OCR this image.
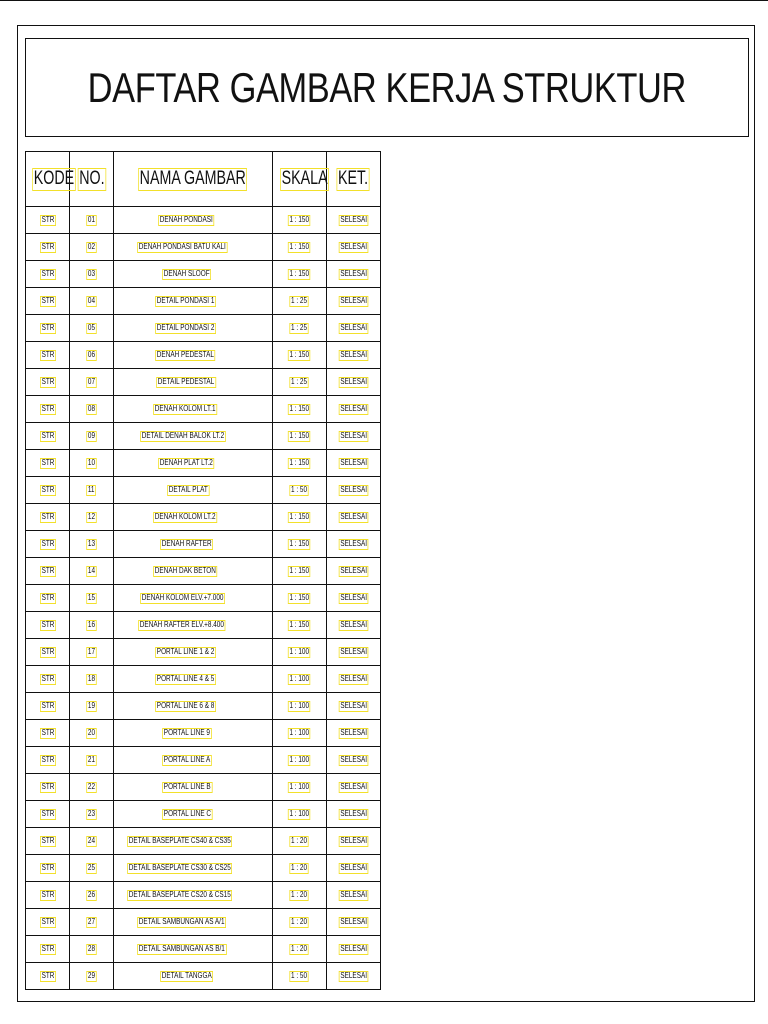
DAFTAR GAMBAR KERJA STRUKTUR
KODE	NO.	NAMA GAMBAR	SKALA	KET.
STR	01	DENAH PONDASI	1 : 150	SELESAI
STR	02	DENAH PONDASI BATU KALI	1 : 150	SELESAI
STR	03	DENAH SLOOF	1 : 150	SELESAI
STR	04	DETAIL PONDASI 1	1 : 25	SELESAI
STR	05	DETAIL PONDASI 2	1 : 25	SELESAI
STR	06	DENAH PEDESTAL	1 : 150	SELESAI
STR	07	DETAIL PEDESTAL	1 : 25	SELESAI
STR	08	DENAH KOLOM LT.1	1 : 150	SELESAI
STR	09	DETAIL DENAH BALOK LT.2	1 : 150	SELESAI
STR	10	DENAH PLAT LT.2	1 : 150	SELESAI
STR	11	DETAIL PLAT	1 : 50	SELESAI
STR	12	DENAH KOLOM LT.2	1 : 150	SELESAI
STR	13	DENAH RAFTER	1 : 150	SELESAI
STR	14	DENAH DAK BETON	1 : 150	SELESAI
STR	15	DENAH KOLOM ELV.+7.000	1 : 150	SELESAI
STR	16	DENAH RAFTER ELV.+8.400	1 : 150	SELESAI
STR	17	PORTAL LINE 1 & 2	1 : 100	SELESAI
STR	18	PORTAL LINE 4 & 5	1 : 100	SELESAI
STR	19	PORTAL LINE 6 & 8	1 : 100	SELESAI
STR	20	PORTAL LINE 9	1 : 100	SELESAI
STR	21	PORTAL LINE A	1 : 100	SELESAI
STR	22	PORTAL LINE B	1 : 100	SELESAI
STR	23	PORTAL LINE C	1 : 100	SELESAI
STR	24	DETAIL BASEPLATE CS40 & CS35	1 : 20	SELESAI
STR	25	DETAIL BASEPLATE CS30 & CS25	1 : 20	SELESAI
STR	26	DETAIL BASEPLATE CS20 & CS15	1 : 20	SELESAI
STR	27	DETAIL SAMBUNGAN AS A/1	1 : 20	SELESAI
STR	28	DETAIL SAMBUNGAN AS B/1	1 : 20	SELESAI
STR	29	DETAIL TANGGA	1 : 50	SELESAI
